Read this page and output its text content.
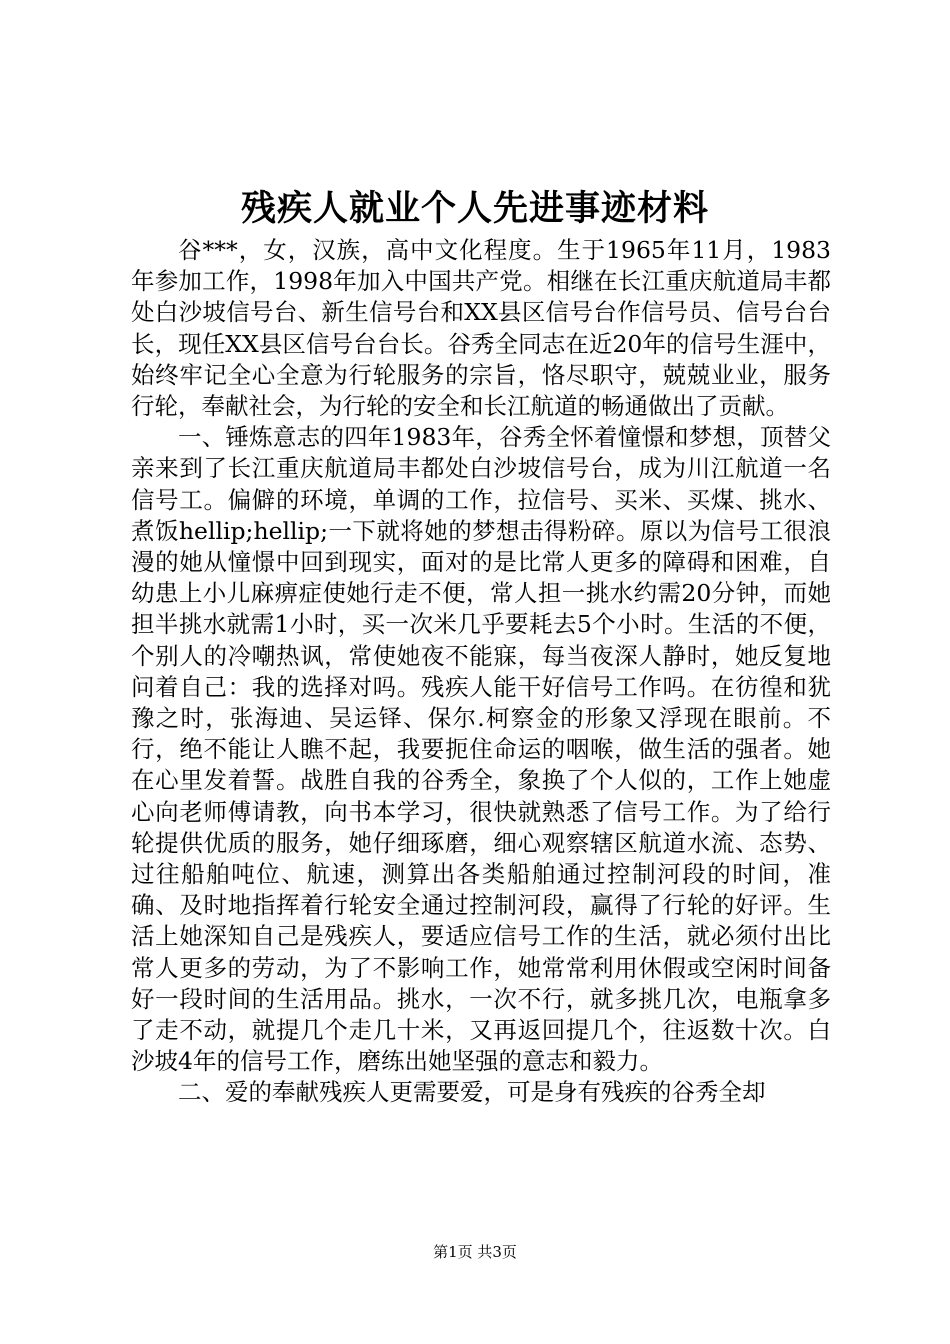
残疾人就业个人先进事迹材料

谷***，女，汉族，高中文化程度。生于1965年11月，1983年参加工作，1998年加入中国共产党。相继在长江重庆航道局丰都处白沙坡信号台、新生信号台和XX县区信号台作信号员、信号台台长，现任XX县区信号台台长。谷秀全同志在近20年的信号生涯中，始终牢记全心全意为行轮服务的宗旨，恪尽职守，兢兢业业，服务行轮，奉献社会，为行轮的安全和长江航道的畅通做出了贡献。

一、锤炼意志的四年1983年，谷秀全怀着憧憬和梦想，顶替父亲来到了长江重庆航道局丰都处白沙坡信号台，成为川江航道一名信号工。偏僻的环境，单调的工作，拉信号、买米、买煤、挑水、煮饭hellip;hellip;一下就将她的梦想击得粉碎。原以为信号工很浪漫的她从憧憬中回到现实，面对的是比常人更多的障碍和困难，自幼患上小儿麻痹症使她行走不便，常人担一挑水约需20分钟，而她担半挑水就需1小时，买一次米几乎要耗去5个小时。生活的不便，个别人的冷嘲热讽，常使她夜不能寐，每当夜深人静时，她反复地问着自己：我的选择对吗。残疾人能干好信号工作吗。在彷徨和犹豫之时，张海迪、吴运铎、保尔.柯察金的形象又浮现在眼前。不行，绝不能让人瞧不起，我要扼住命运的咽喉，做生活的强者。她在心里发着誓。战胜自我的谷秀全，象换了个人似的，工作上她虚心向老师傅请教，向书本学习，很快就熟悉了信号工作。为了给行轮提供优质的服务，她仔细琢磨，细心观察辖区航道水流、态势、过往船舶吨位、航速，测算出各类船舶通过控制河段的时间，准确、及时地指挥着行轮安全通过控制河段，赢得了行轮的好评。生活上她深知自己是残疾人，要适应信号工作的生活，就必须付出比常人更多的劳动，为了不影响工作，她常常利用休假或空闲时间备好一段时间的生活用品。挑水，一次不行，就多挑几次，电瓶拿多了走不动，就提几个走几十米，又再返回提几个，往返数十次。白沙坡4年的信号工作，磨练出她坚强的意志和毅力。

二、爱的奉献残疾人更需要爱，可是身有残疾的谷秀全却

第1页 共3页
